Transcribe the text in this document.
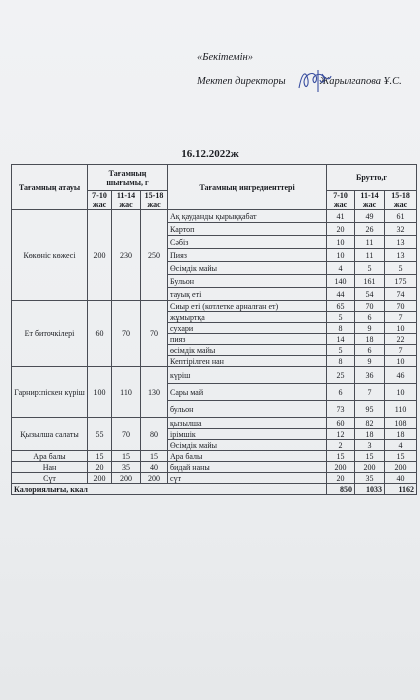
«Бекітемін»
Мектеп директоры	Жарылгапова Ұ.С.
16.12.2022ж
Тағамның атауы	Тағамның шығымы, г			Тағамның ингредиенттері	Брутто,г		
	7-10 жас	11-14 жас	15-18 жас		7-10 жас	11-14 жас	15-18 жас
Көкөніс көжесі	200	230	250	Ақ қауданды қырыққабат	41	49	61
				Картоп	20	26	32
				Сәбіз	10	11	13
				Пияз	10	11	13
				Өсімдік майы	4	5	5
				Бульон	140	161	175
				тауық еті	44	54	74
Ет биточкілері	60	70	70	Сиыр еті (котлетке арналған ет)	65	70	70
				жұмыртқа	5	6	7
				сухари	8	9	10
				пияз	14	18	22
				өсімдік майы	5	6	7
				Кептірілген нан	8	9	10
Гарнир:піскен күріш	100	110	130	күріш	25	36	46
				Сары май	6	7	10
				бульон	73	95	110
Қызылша салаты	55	70	80	қызылша	60	82	108
				ірімшік	12	18	18
				Өсімдік майы	2	3	4
Ара балы	15	15	15	Ара балы	15	15	15
Нан	20	35	40	бидай наны	200	200	200
Сүт	200	200	200	сүт	20	35	40
Калориялығы, ккал					850	1033	1162
